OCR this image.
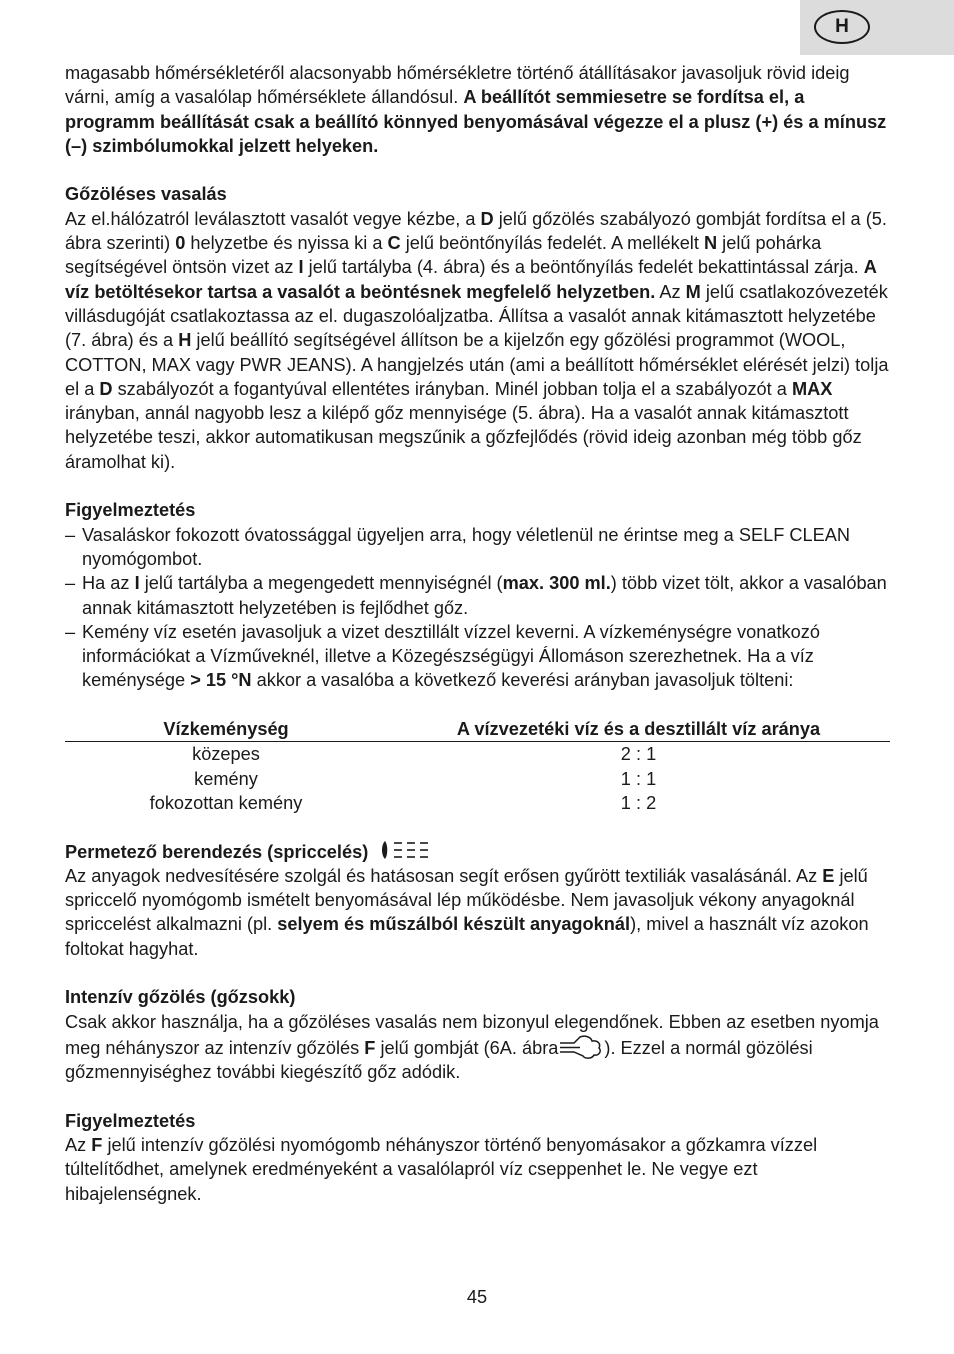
H

magasabb hőmérsékletéről alacsonyabb hőmérsékletre történő átállításakor javasoljuk rövid ideig várni, amíg a vasalólap hőmérséklete állandósul. A beállítót semmiesetre se fordítsa el, a programm beállítását csak a beállító könnyed benyomásával végezze el a plusz (+) és a mínusz (–) szimbólumokkal jelzett helyeken.

Gőzöléses vasalás

Az el.hálózatról leválasztott vasalót vegye kézbe, a D jelű gőzölés szabályozó gombját fordítsa el a (5. ábra szerinti) 0 helyzetbe és nyissa ki a C jelű beöntőnyílás fedelét. A mellékelt N jelű pohárka segítségével öntsön vizet az I jelű tartályba (4. ábra) és a beöntőnyílás fedelét bekattintással zárja. A víz betöltésekor tartsa a vasalót a beöntésnek megfelelő helyzetben. Az M jelű csatlakozóvezeték villásdugóját csatlakoztassa az el. dugaszolóaljzatba. Állítsa a vasalót annak kitámasztott helyzetébe (7. ábra) és a H jelű beállító segítségével állítson be a kijelzőn egy gőzölési programmot (WOOL, COTTON, MAX vagy PWR JEANS). A hangjelzés után (ami a beállított hőmérséklet elérését jelzi) tolja el a D szabályozót a fogantyúval ellentétes irányban. Minél jobban tolja el a szabályozót a MAX irányban, annál nagyobb lesz a kilépő gőz mennyisége (5. ábra). Ha a vasalót annak kitámasztott helyzetébe teszi, akkor automatikusan megszűnik a gőzfejlődés (rövid ideig azonban még több gőz áramolhat ki).

Figyelmeztetés
– Vasaláskor fokozott óvatossággal ügyeljen arra, hogy véletlenül ne érintse meg a SELF CLEAN nyomógombot.
– Ha az I jelű tartályba a megengedett mennyiségnél (max. 300 ml.) több vizet tölt, akkor a vasalóban annak kitámasztott helyzetében is fejlődhet gőz.
– Kemény víz esetén javasoljuk a vizet desztillált vízzel keverni. A vízkeménységre vonatkozó információkat a Vízműveknél, illetve a Közegészségügyi Állomáson szerezhetnek. Ha a víz keménysége > 15 °N akkor a vasalóba a következő keverési arányban javasoljuk tölteni:
Vízkeménység	A vízvezetéki víz és a desztillált víz aránya
közepes	2 : 1
kemény	1 : 1
fokozottan kemény	1 : 2
Permetező berendezés (spriccelés)

Az anyagok nedvesítésére szolgál és hatásosan segít erősen gyűrött textiliák vasalásánál. Az E jelű spriccelő nyomógomb ismételt benyomásával lép működésbe. Nem javasoljuk vékony anyagoknál spriccelést alkalmazni (pl. selyem és műszálból készült anyagoknál), mivel a használt víz azokon foltokat hagyhat.

Intenzív gőzölés (gőzsokk)

Csak akkor használja, ha a gőzöléses vasalás nem bizonyul elegendőnek. Ebben az esetben nyomja meg néhányszor az intenzív gőzölés F jelű gombját (6A. ábra	). Ezzel a normál gözölési gőzmennyiséghez további kiegészítő gőz adódik.

Figyelmeztetés

Az F jelű intenzív gőzölési nyomógomb néhányszor történő benyomásakor a gőzkamra vízzel túltelítődhet, amelynek eredményeként a vasalólapról víz cseppenhet le. Ne vegye ezt hibajelenségnek.

45
